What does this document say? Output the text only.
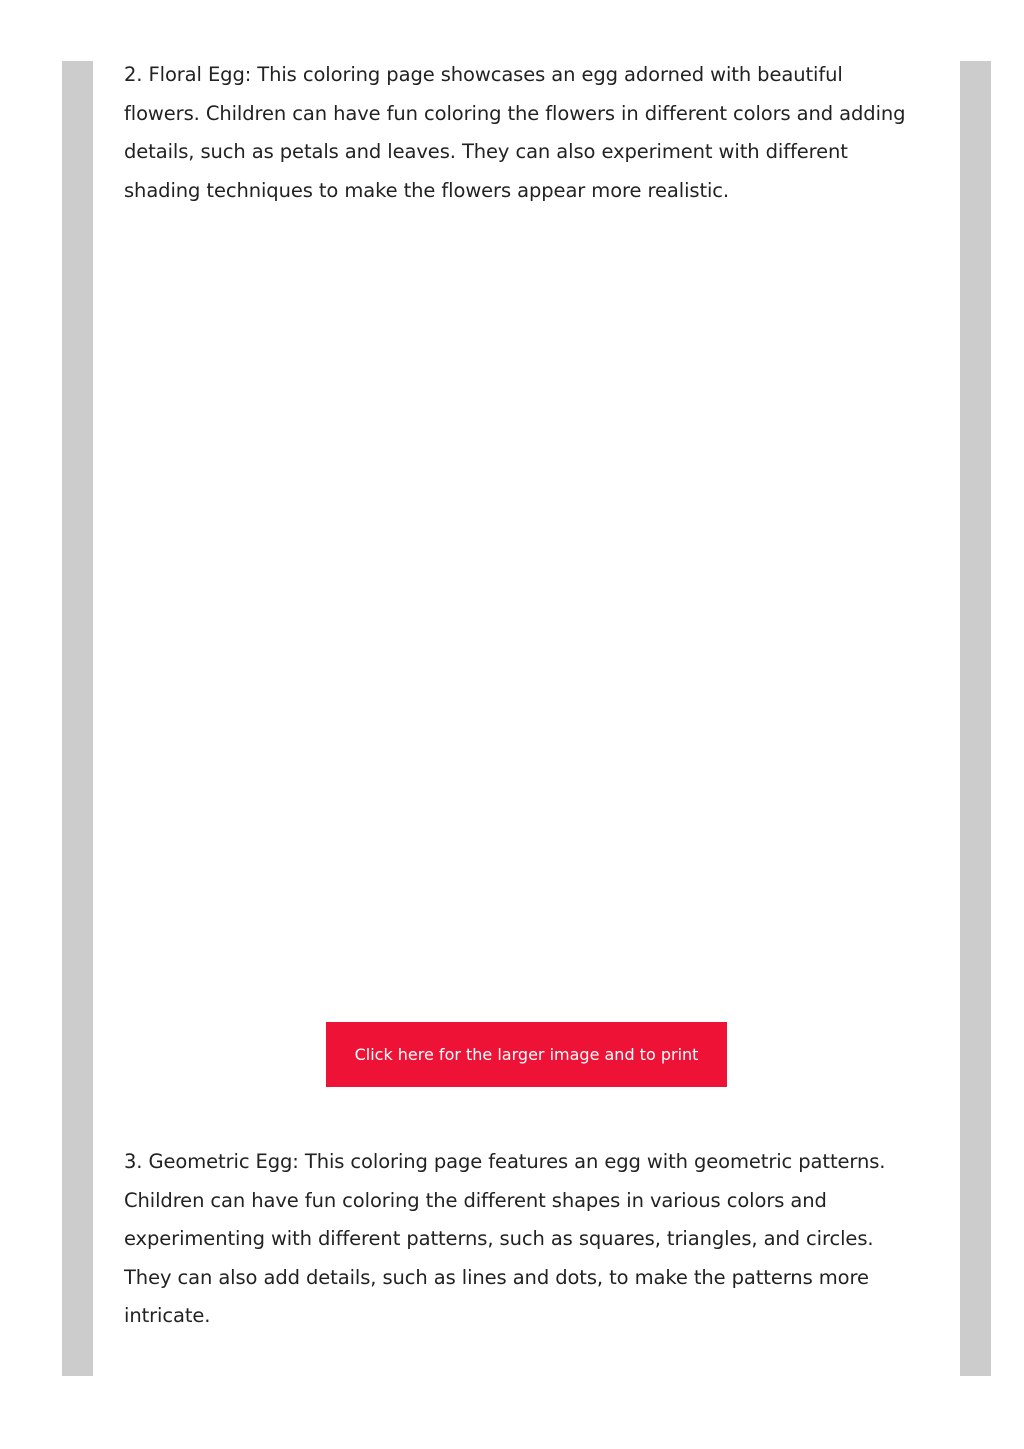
2. Floral Egg: This coloring page showcases an egg adorned with beautiful flowers. Children can have fun coloring the flowers in different colors and adding details, such as petals and leaves. They can also experiment with different shading techniques to make the flowers appear more realistic.

Click here for the larger image and to print

3. Geometric Egg: This coloring page features an egg with geometric patterns. Children can have fun coloring the different shapes in various colors and experimenting with different patterns, such as squares, triangles, and circles. They can also add details, such as lines and dots, to make the patterns more intricate.
